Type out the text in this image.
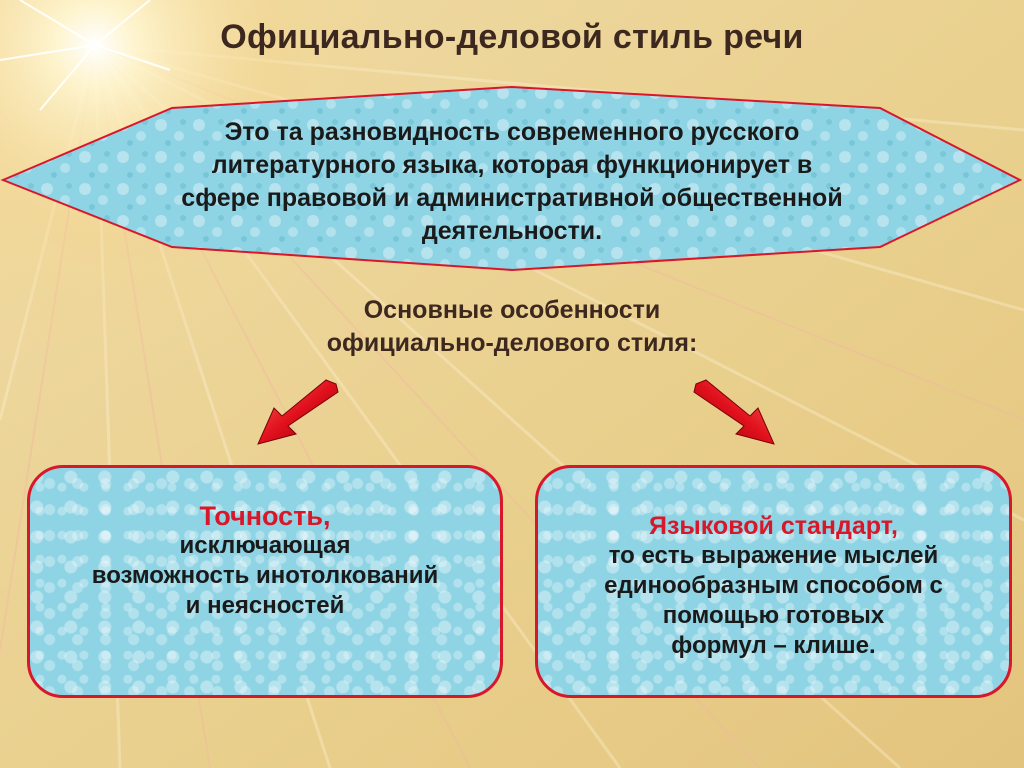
Официально-деловой стиль речи
Это та разновидность современного русского
литературного языка, которая функционирует в
сфере правовой и административной общественной
деятельности.
Основные особенности
официально-делового стиля:
Точность,
исключающая
возможность инотолкований
и неясностей
Языковой стандарт,
то есть выражение мыслей
единообразным способом с
помощью готовых
формул – клише.
